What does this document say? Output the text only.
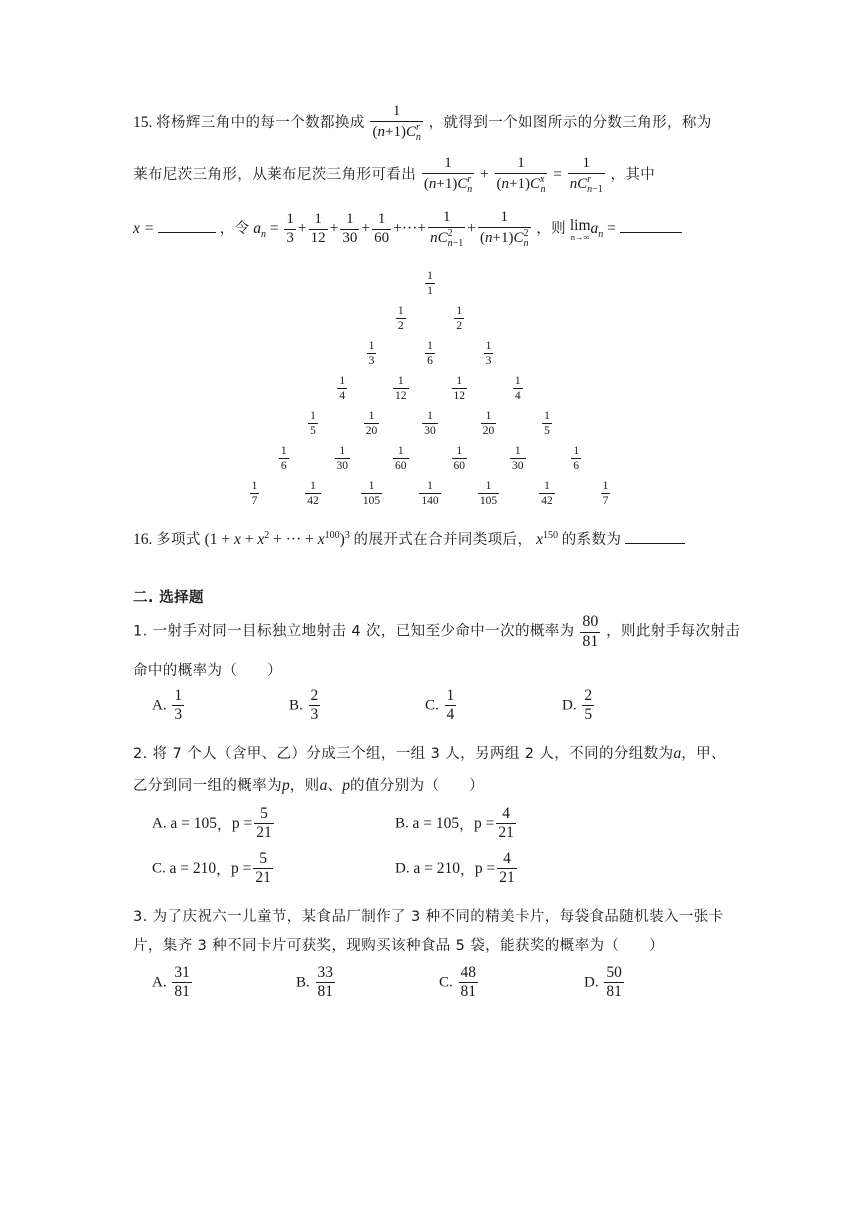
15. 将杨辉三角中的每一个数都换成 $\frac{1}{(n+1)C^r_n}$ ，就得到一个如图所示的分数三角形，称为
莱布尼茨三角形，从莱布尼茨三角形可看出 $\frac{1}{(n+1)C^r_n} + \frac{1}{(n+1)C^x_n} = \frac{1}{nC^r_{n-1}}$ ，其中
x =	，令 $a_n = \frac{1}{3} + \frac{1}{12} + \frac{1}{30} + \frac{1}{60}$ +···+ $\frac{1}{nC^2_{n-1}} + \frac{1}{(n+1)C^2_n}$ ，则 lim
n→∞
$a_n$ =
$\frac{1}{1}$
$\frac{1}{2}$	$\frac{1}{2}$
$\frac{1}{3}$	$\frac{1}{6}$	$\frac{1}{3}$
$\frac{1}{4}$	$\frac{1}{12}$	$\frac{1}{12}$	$\frac{1}{4}$
$\frac{1}{5}$	$\frac{1}{20}$	$\frac{1}{30}$	$\frac{1}{20}$	$\frac{1}{5}$
$\frac{1}{6}$	$\frac{1}{30}$	$\frac{1}{60}$	$\frac{1}{60}$	$\frac{1}{30}$	$\frac{1}{6}$
$\frac{1}{7}$	$\frac{1}{42}$	$\frac{1}{105}$	$\frac{1}{140}$	$\frac{1}{105}$	$\frac{1}{42}$	$\frac{1}{7}$
16. 多项式 ($1 + x + x^2$ + ··· + $x^{100})^3$ 的展开式在合并同类项后， $x^{150}$ 的系数为
二. 选择题
1. 一射手对同一目标独立地射击 4 次，已知至少命中一次的概率为 $\frac{80}{81}$ ，则此射手每次射击
命中的概率为（　　）
A. $\frac{1}{3}$	B. $\frac{2}{3}$	C. $\frac{1}{4}$	D. $\frac{2}{5}$
2. 将 7 个人（含甲、乙）分成三个组，一组 3 人，另两组 2 人，不同的分组数为a，甲、
乙分到同一组的概率为p，则a、p的值分别为（　　）
A. a = 105，$p = \frac{5}{21}$	B. a = 105，$p = \frac{4}{21}$
C. a = 210，$p = \frac{5}{21}$	D. a = 210，$p = \frac{4}{21}$
3. 为了庆祝六一儿童节，某食品厂制作了 3 种不同的精美卡片，每袋食品随机装入一张卡
片，集齐 3 种不同卡片可获奖，现购买该种食品 5 袋，能获奖的概率为（　　）
A. $\frac{31}{81}$	B. $\frac{33}{81}$	C. $\frac{48}{81}$	D. $\frac{50}{81}$
